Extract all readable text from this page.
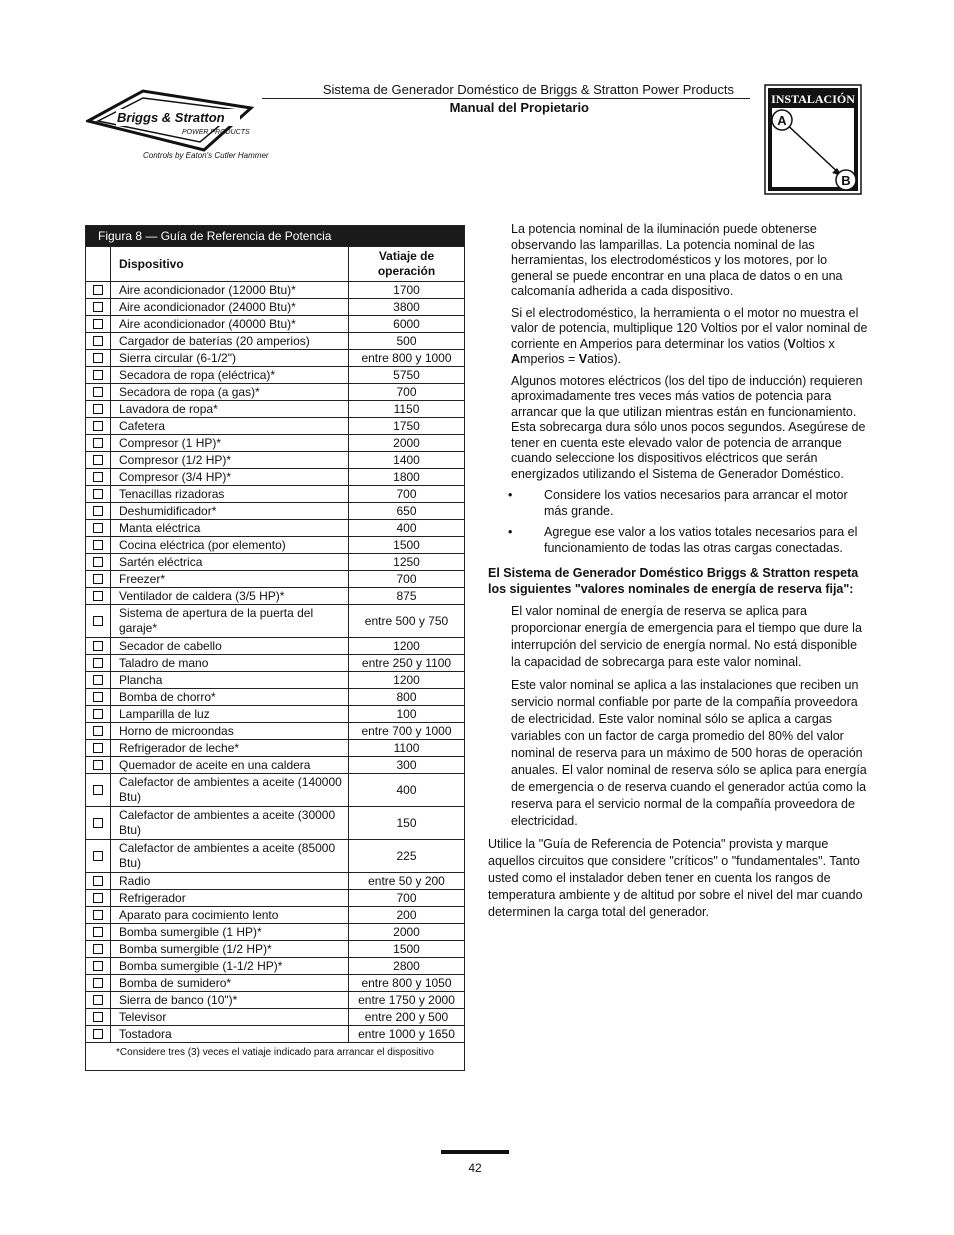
Briggs & Stratton
POWER PRODUCTS
Controls by Eaton's Cutler Hammer
Sistema de Generador Doméstico de Briggs & Stratton Power Products
Manual del Propietario
INSTALACIÓN
A
B
Figura 8 — Guía de Referencia de Potencia
	Dispositivo	Vatiaje de operación
	Aire acondicionador (12000 Btu)*	1700
	Aire acondicionador (24000 Btu)*	3800
	Aire acondicionador (40000 Btu)*	6000
	Cargador de baterías (20 amperios)	500
	Sierra circular (6-1/2")	entre 800 y 1000
	Secadora de ropa (eléctrica)*	5750
	Secadora de ropa (a gas)*	700
	Lavadora de ropa*	1150
	Cafetera	1750
	Compresor (1 HP)*	2000
	Compresor (1/2 HP)*	1400
	Compresor (3/4 HP)*	1800
	Tenacillas rizadoras	700
	Deshumidificador*	650
	Manta eléctrica	400
	Cocina eléctrica (por elemento)	1500
	Sartén eléctrica	1250
	Freezer*	700
	Ventilador de caldera (3/5 HP)*	875
	Sistema de apertura de la puerta del garaje*	entre 500 y 750
	Secador de cabello	1200
	Taladro de mano	entre 250 y 1100
	Plancha	1200
	Bomba de chorro*	800
	Lamparilla de luz	100
	Horno de microondas	entre 700 y 1000
	Refrigerador de leche*	1100
	Quemador de aceite en una caldera	300
	Calefactor de ambientes a aceite (140000 Btu)	400
	Calefactor de ambientes a aceite (30000 Btu)	150
	Calefactor de ambientes a aceite (85000 Btu)	225
	Radio	entre 50 y 200
	Refrigerador	700
	Aparato para cocimiento lento	200
	Bomba sumergible (1 HP)*	2000
	Bomba sumergible (1/2 HP)*	1500
	Bomba sumergible (1-1/2 HP)*	2800
	Bomba de sumidero*	entre 800 y 1050
	Sierra de banco (10")*	entre 1750 y 2000
	Televisor	entre 200 y 500
	Tostadora	entre 1000 y 1650
*Considere tres (3) veces el vatiaje indicado para arrancar el dispositivo

La potencia nominal de la iluminación puede obtenerse observando las lamparillas. La potencia nominal de las herramientas, los electrodomésticos y los motores, por lo general se puede encontrar en una placa de datos o en una calcomanía adherida a cada dispositivo.

Si el electrodoméstico, la herramienta o el motor no muestra el valor de potencia, multiplique 120 Voltios por el valor nominal de corriente en Amperios para determinar los vatios (Voltios x Amperios = Vatios).

Algunos motores eléctricos (los del tipo de inducción) requieren aproximadamente tres veces más vatios de potencia para arrancar que la que utilizan mientras están en funcionamiento. Esta sobrecarga dura sólo unos pocos segundos. Asegúrese de tener en cuenta este elevado valor de potencia de arranque cuando seleccione los dispositivos eléctricos que serán energizados utilizando el Sistema de Generador Doméstico.

•	Considere los vatios necesarios para arrancar el motor más grande.
•	Agregue ese valor a los vatios totales necesarios para el funcionamiento de todas las otras cargas conectadas.

El Sistema de Generador Doméstico Briggs & Stratton respeta los siguientes "valores nominales de energía de reserva fija":

El valor nominal de energía de reserva se aplica para proporcionar energía de emergencia para el tiempo que dure la interrupción del servicio de energía normal. No está disponible la capacidad de sobrecarga para este valor nominal.

Este valor nominal se aplica a las instalaciones que reciben un servicio normal confiable por parte de la compañía proveedora de electricidad. Este valor nominal sólo se aplica a cargas variables con un factor de carga promedio del 80% del valor nominal de reserva para un máximo de 500 horas de operación anuales. El valor nominal de reserva sólo se aplica para energía de emergencia o de reserva cuando el generador actúa como la reserva para el servicio normal de la compañía proveedora de electricidad.

Utilice la "Guía de Referencia de Potencia" provista y marque aquellos circuitos que considere "críticos" o "fundamentales". Tanto usted como el instalador deben tener en cuenta los rangos de temperatura ambiente y de altitud por sobre el nivel del mar cuando determinen la carga total del generador.

42
